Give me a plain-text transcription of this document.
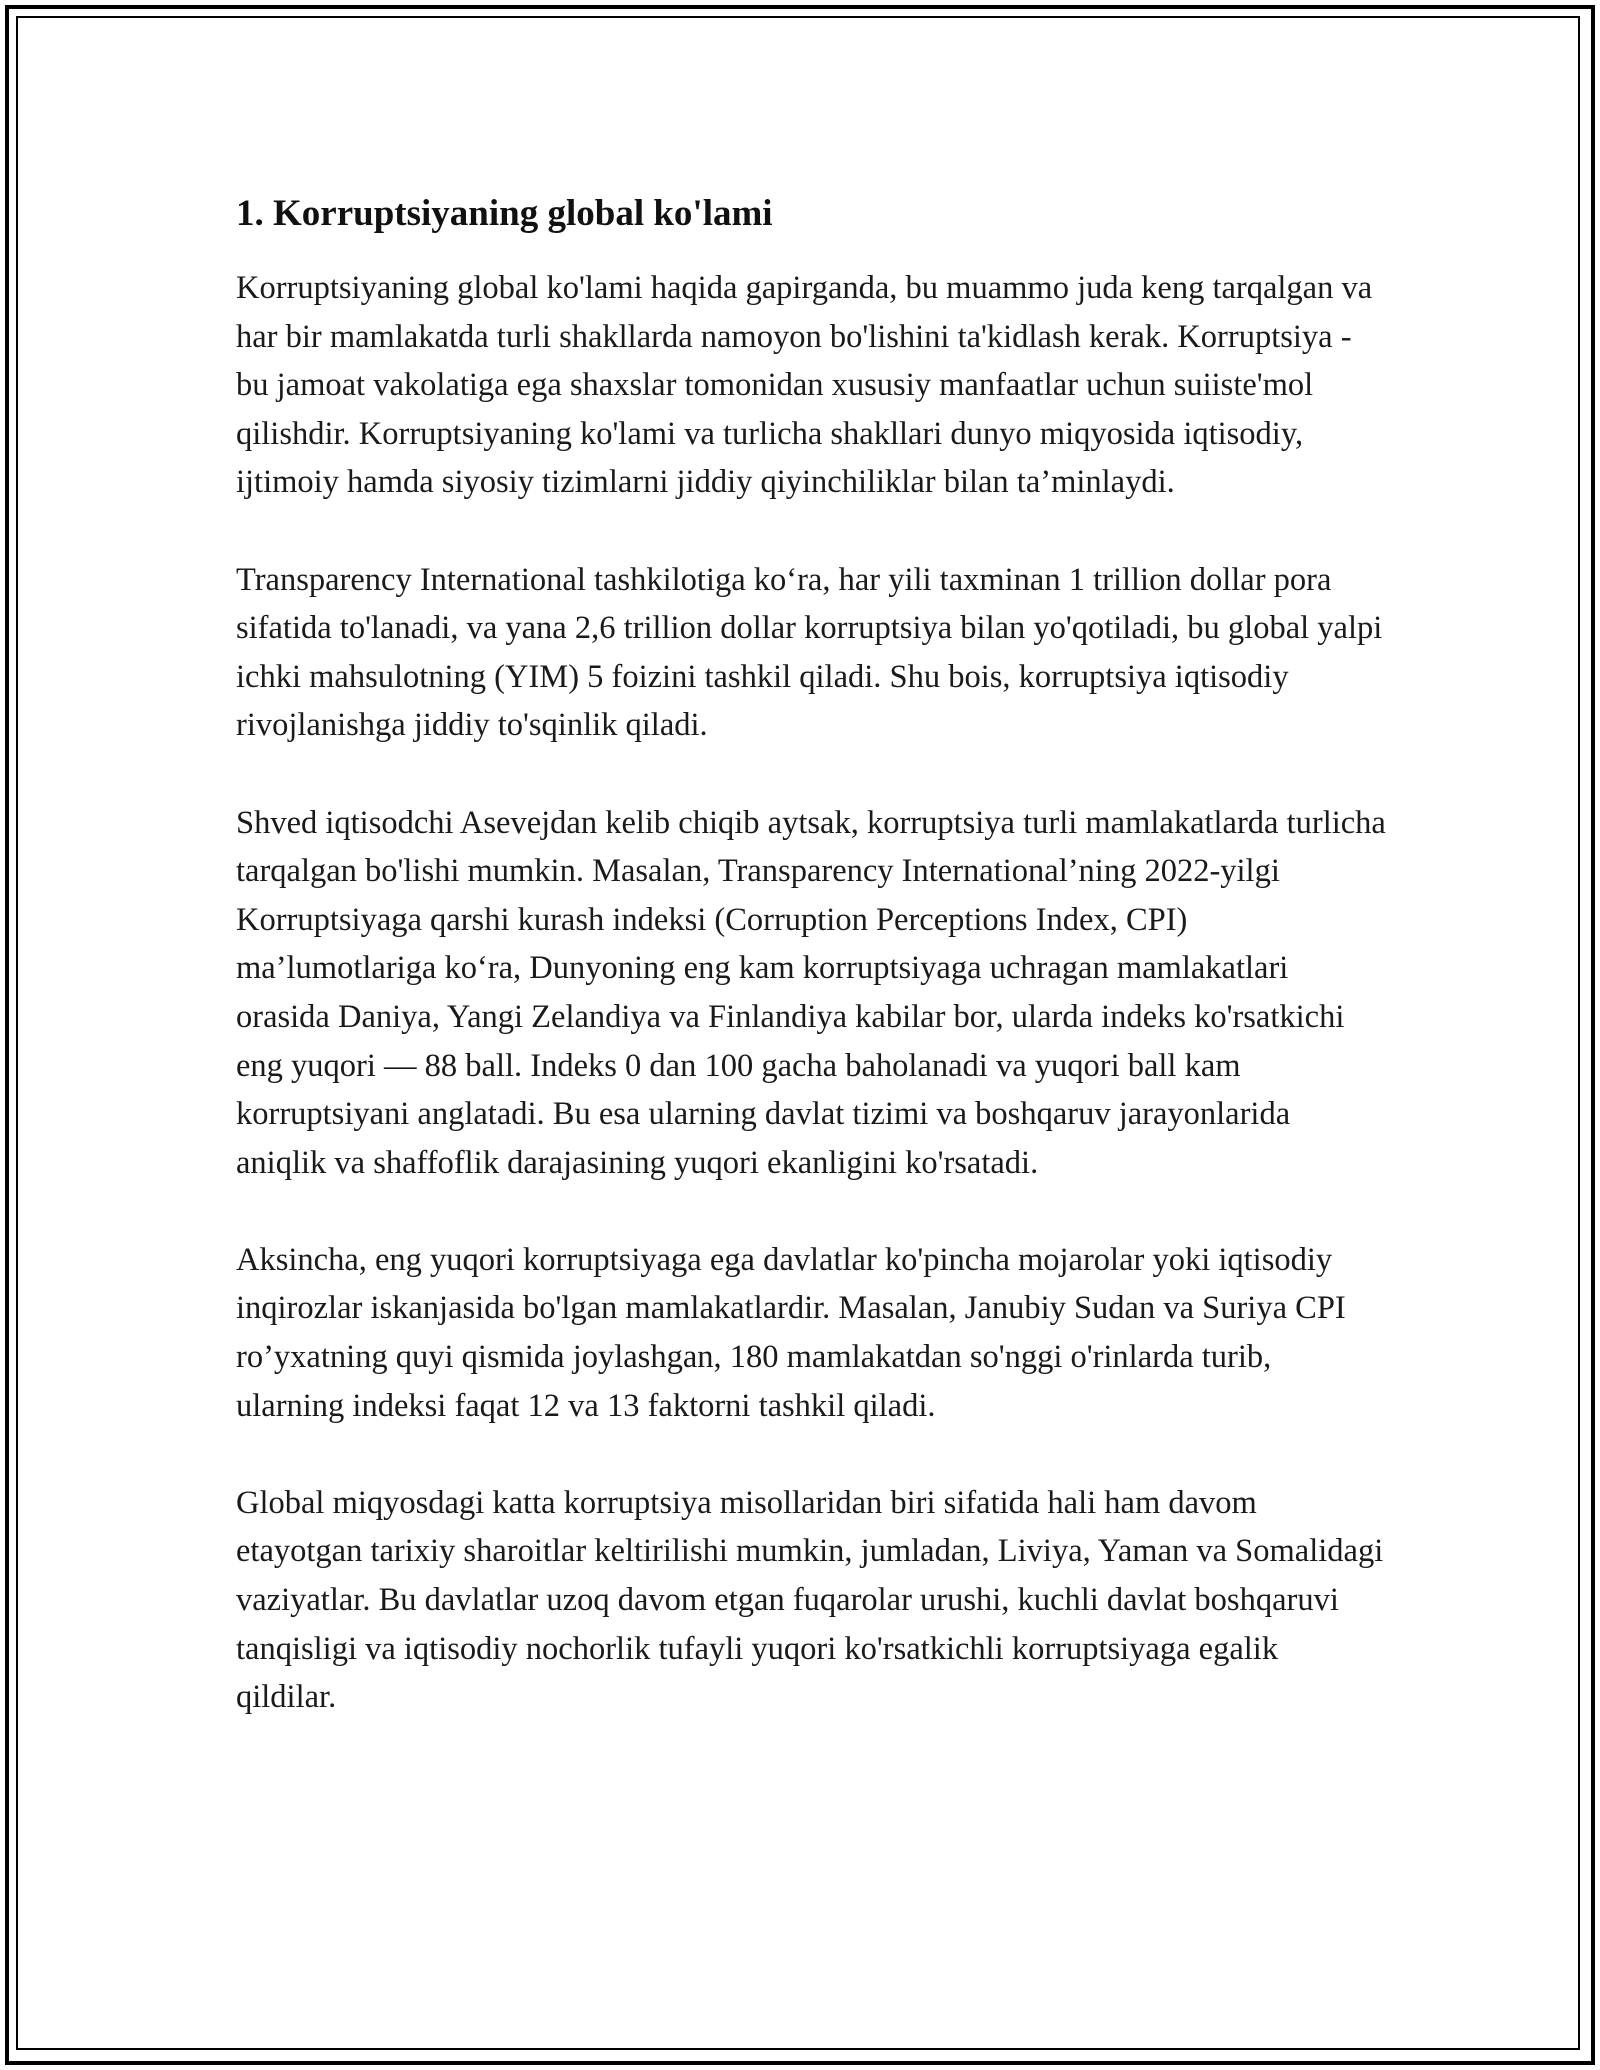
1. Korruptsiyaning global ko'lami

Korruptsiyaning global ko'lami haqida gapirganda, bu muammo juda keng tarqalgan va har bir mamlakatda turli shakllarda namoyon bo'lishini ta'kidlash kerak. Korruptsiya - bu jamoat vakolatiga ega shaxslar tomonidan xususiy manfaatlar uchun suiiste'mol qilishdir. Korruptsiyaning ko'lami va turlicha shakllari dunyo miqyosida iqtisodiy, ijtimoiy hamda siyosiy tizimlarni jiddiy qiyinchiliklar bilan ta’minlaydi.

Transparency International tashkilotiga ko‘ra, har yili taxminan 1 trillion dollar pora sifatida to'lanadi, va yana 2,6 trillion dollar korruptsiya bilan yo'qotiladi, bu global yalpi ichki mahsulotning (YIM) 5 foizini tashkil qiladi. Shu bois, korruptsiya iqtisodiy rivojlanishga jiddiy to'sqinlik qiladi.

Shved iqtisodchi Asevejdan kelib chiqib aytsak, korruptsiya turli mamlakatlarda turlicha tarqalgan bo'lishi mumkin. Masalan, Transparency International’ning 2022-yilgi Korruptsiyaga qarshi kurash indeksi (Corruption Perceptions Index, CPI) ma’lumotlariga ko‘ra, Dunyoning eng kam korruptsiyaga uchragan mamlakatlari orasida Daniya, Yangi Zelandiya va Finlandiya kabilar bor, ularda indeks ko'rsatkichi eng yuqori — 88 ball. Indeks 0 dan 100 gacha baholanadi va yuqori ball kam korruptsiyani anglatadi. Bu esa ularning davlat tizimi va boshqaruv jarayonlarida aniqlik va shaffoflik darajasining yuqori ekanligini ko'rsatadi.

Aksincha, eng yuqori korruptsiyaga ega davlatlar ko'pincha mojarolar yoki iqtisodiy inqirozlar iskanjasida bo'lgan mamlakatlardir. Masalan, Janubiy Sudan va Suriya CPI ro’yxatning quyi qismida joylashgan, 180 mamlakatdan so'nggi o'rinlarda turib, ularning indeksi faqat 12 va 13 faktorni tashkil qiladi.

Global miqyosdagi katta korruptsiya misollaridan biri sifatida hali ham davom etayotgan tarixiy sharoitlar keltirilishi mumkin, jumladan, Liviya, Yaman va Somalidagi vaziyatlar. Bu davlatlar uzoq davom etgan fuqarolar urushi, kuchli davlat boshqaruvi tanqisligi va iqtisodiy nochorlik tufayli yuqori ko'rsatkichli korruptsiyaga egalik qildilar.
